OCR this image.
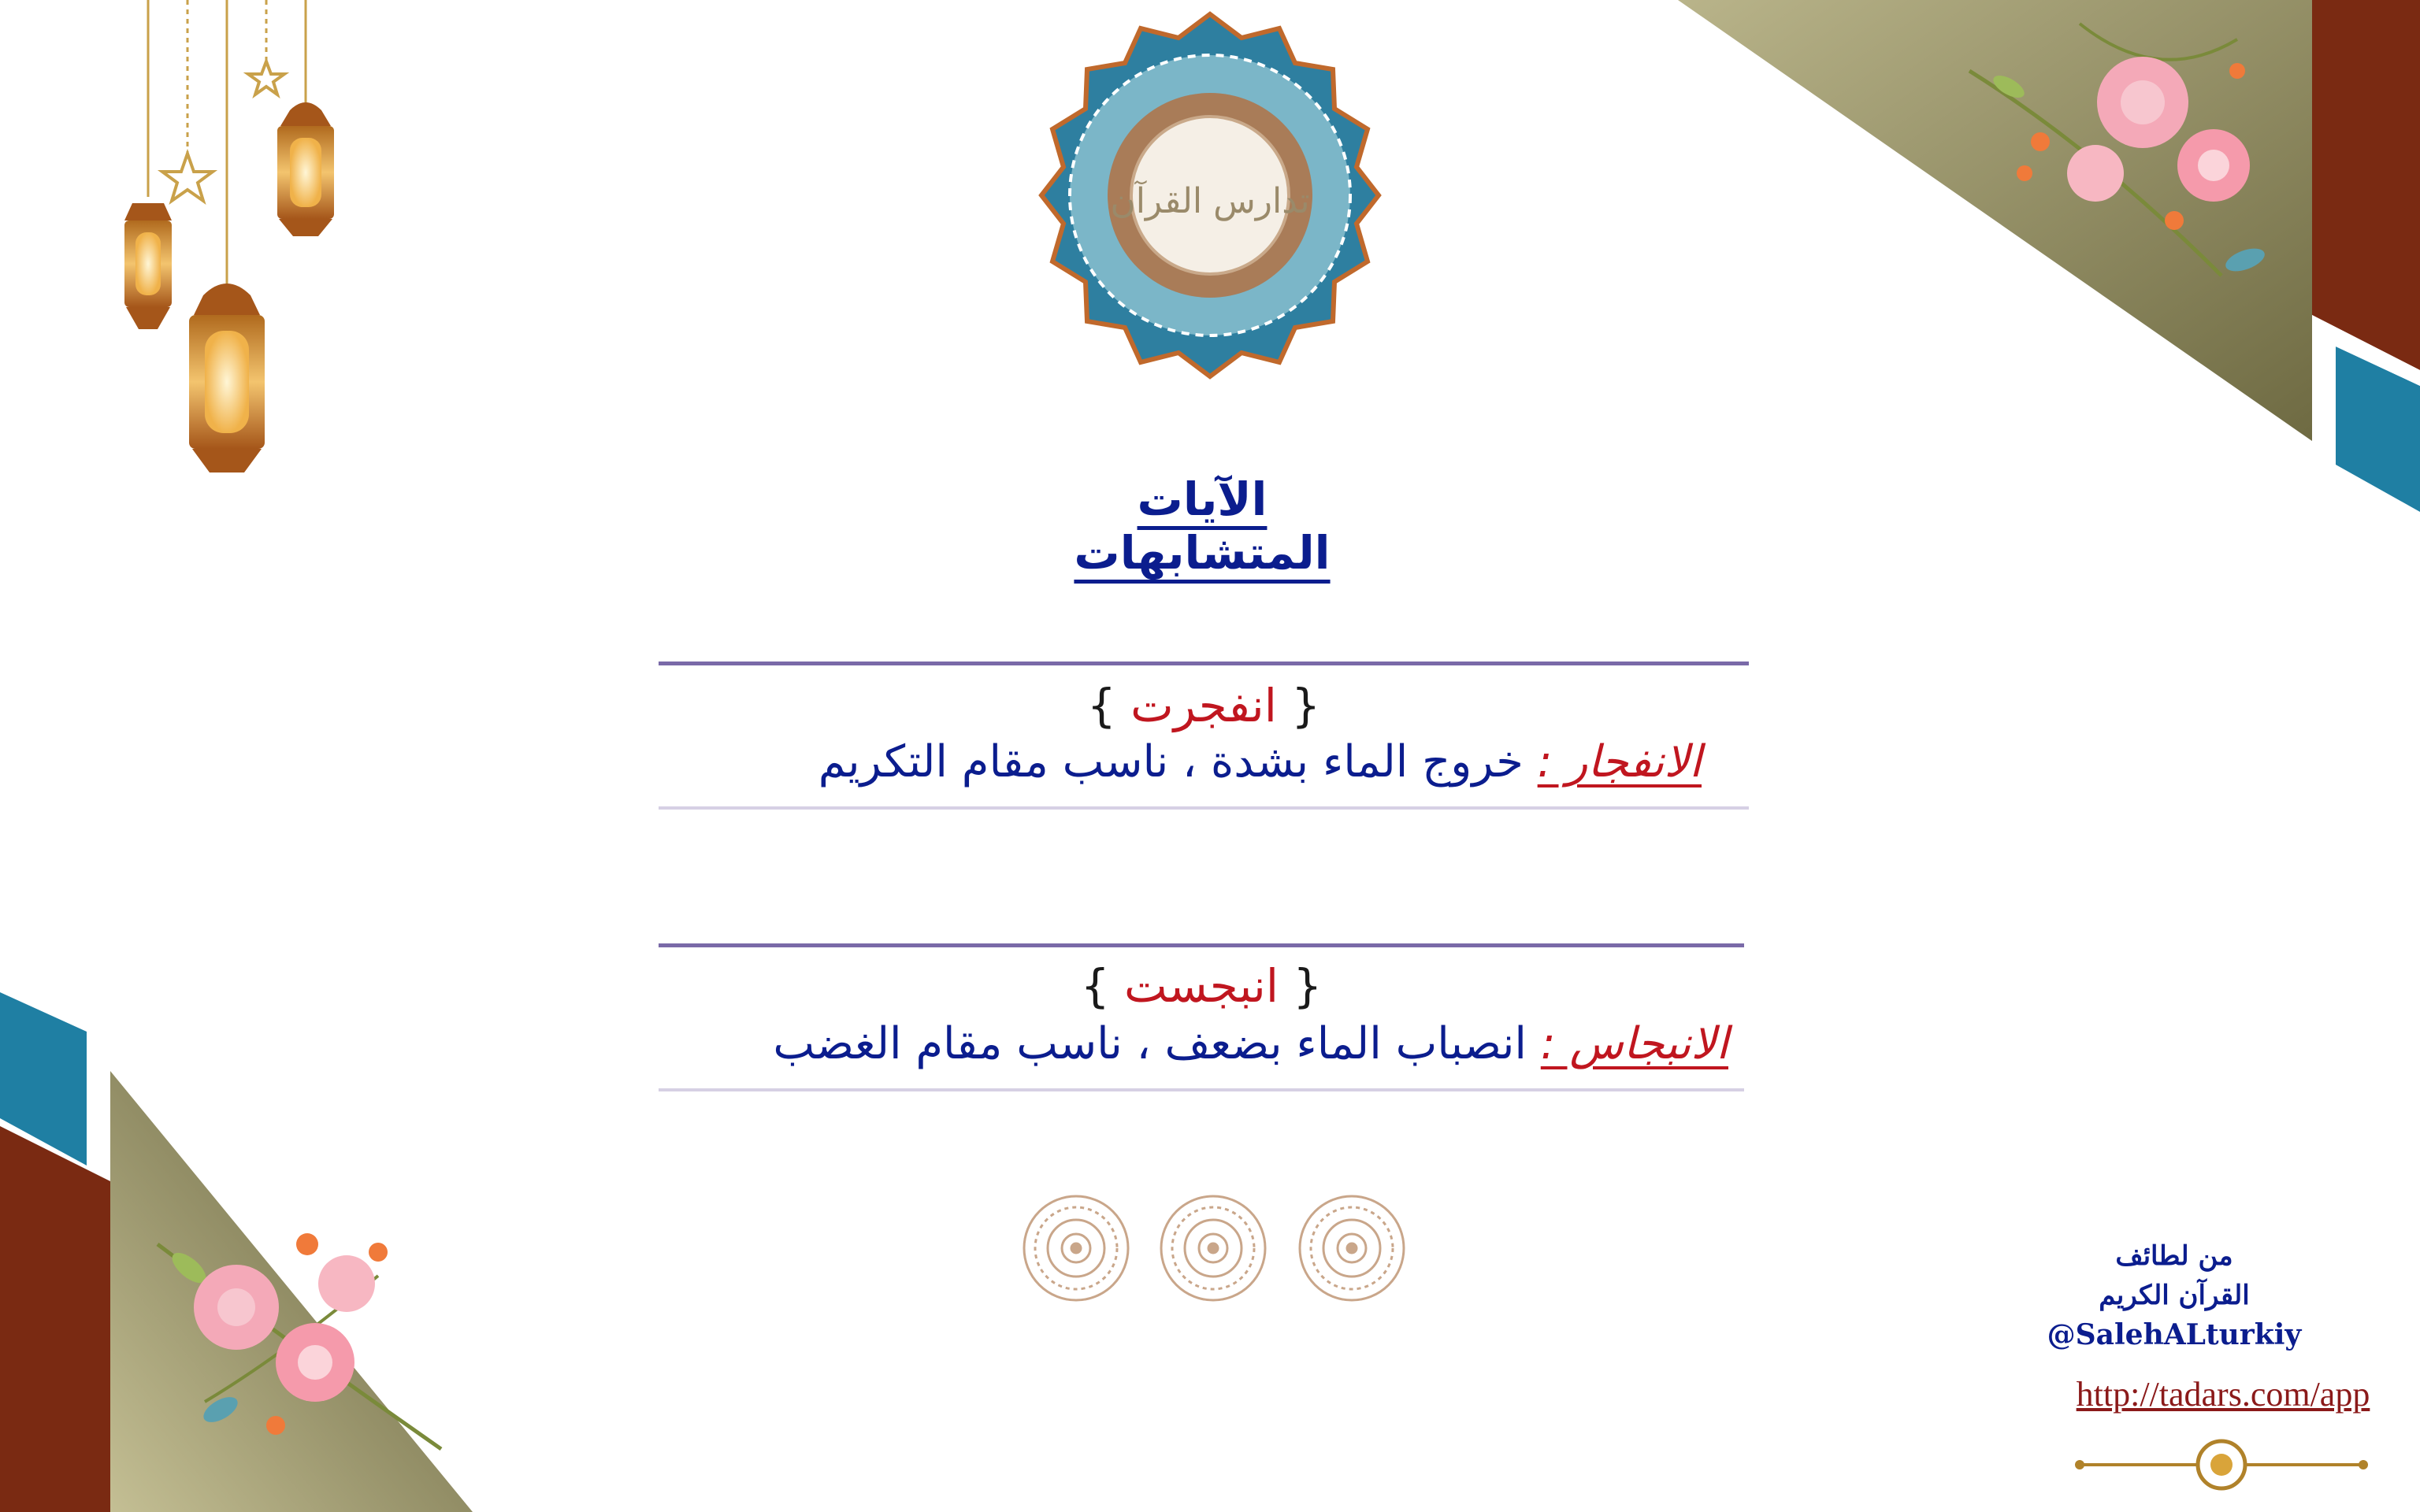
تدارس القرآن
الآيات المتشابهات
{ انفجرت }
الانفجار : خروج الماء بشدة ، ناسب مقام التكريم
{ انبجست }
الانبجاس : انصباب الماء بضعف ، ناسب مقام الغضب
من لطائف
القرآن الكريم
@SalehALturkiy
http://tadars.com/app
